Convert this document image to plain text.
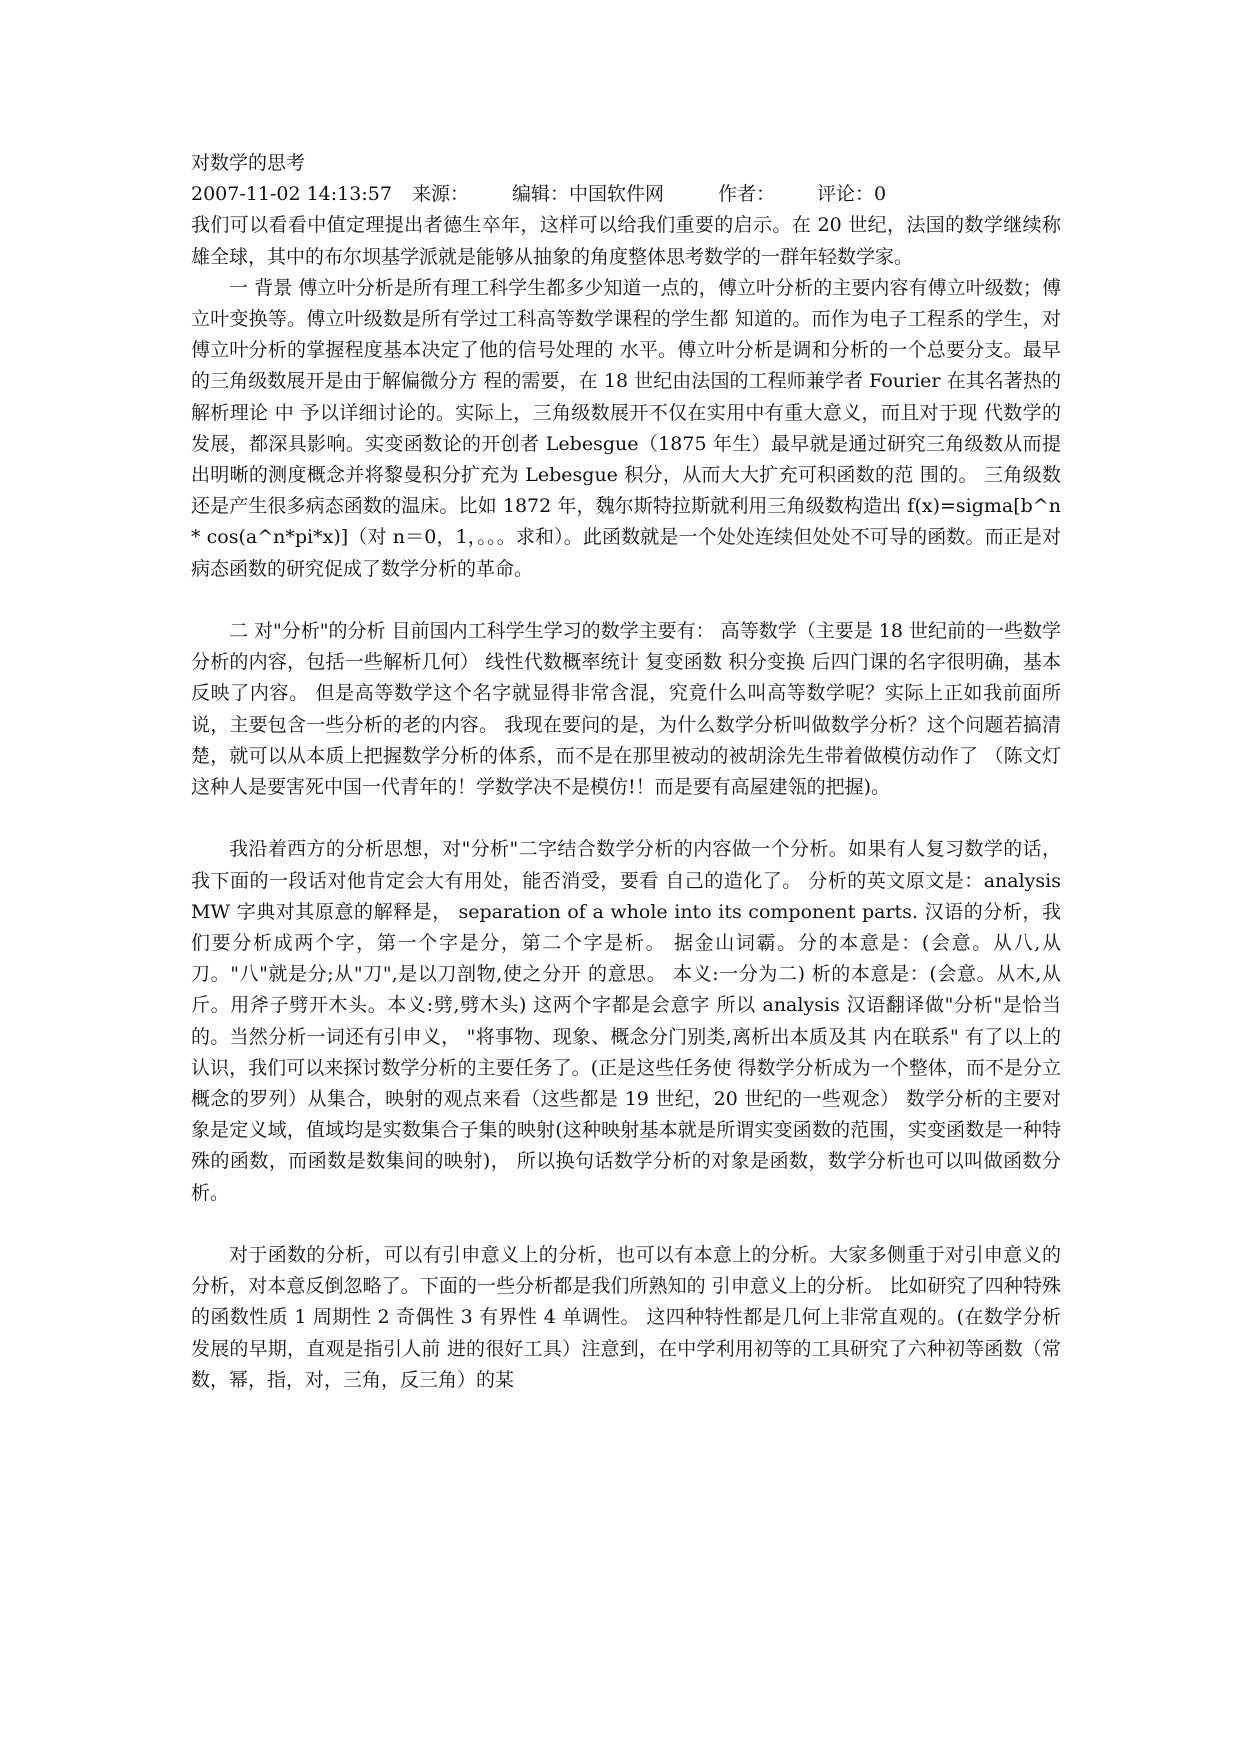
对数学的思考
2007-11-02 14:13:57	来源：	编辑：中国软件网	作者：	评论：0

我们可以看看中值定理提出者德生卒年，这样可以给我们重要的启示。在 20 世纪，法国的数学继续称雄全球，其中的布尔坝基学派就是能够从抽象的角度整体思考数学的一群年轻数学家。

一 背景 傅立叶分析是所有理工科学生都多少知道一点的，傅立叶分析的主要内容有傅立叶级数；傅立叶变换等。傅立叶级数是所有学过工科高等数学课程的学生都 知道的。而作为电子工程系的学生，对傅立叶分析的掌握程度基本决定了他的信号处理的 水平。傅立叶分析是调和分析的一个总要分支。最早的三角级数展开是由于解偏微分方 程的需要，在 18 世纪由法国的工程师兼学者 Fourier 在其名著热的解析理论 中 予以详细讨论的。实际上，三角级数展开不仅在实用中有重大意义，而且对于现 代数学的发展，都深具影响。实变函数论的开创者 Lebesgue（1875 年生）最早就是通过研究三角级数从而提出明晰的测度概念并将黎曼积分扩充为 Lebesgue 积分，从而大大扩充可积函数的范 围的。 三角级数还是产生很多病态函数的温床。比如 1872 年，魏尔斯特拉斯就利用三角级数构造出 f(x)=sigma[b^n * cos(a^n*pi*x)]（对 n＝0，1，。。。求和）。此函数就是一个处处连续但处处不可导的函数。而正是对病态函数的研究促成了数学分析的革命。

二 对"分析"的分析 目前国内工科学生学习的数学主要有： 高等数学（主要是 18 世纪前的一些数学分析的内容，包括一些解析几何） 线性代数概率统计 复变函数 积分变换 后四门课的名字很明确，基本反映了内容。 但是高等数学这个名字就显得非常含混，究竟什么叫高等数学呢？实际上正如我前面所说，主要包含一些分析的老的内容。 我现在要问的是，为什么数学分析叫做数学分析？这个问题若搞清楚，就可以从本质上把握数学分析的体系，而不是在那里被动的被胡涂先生带着做模仿动作了 （陈文灯这种人是要害死中国一代青年的！学数学决不是模仿!！而是要有高屋建瓴的把握)。

我沿着西方的分析思想，对"分析"二字结合数学分析的内容做一个分析。如果有人复习数学的话，我下面的一段话对他肯定会大有用处，能否消受，要看 自己的造化了。 分析的英文原文是：analysis MW 字典对其原意的解释是， separation of a whole into its component parts. 汉语的分析，我们要分析成两个字，第一个字是分，第二个字是析。 据金山词霸。分的本意是：(会意。从八,从刀。"八"就是分;从"刀",是以刀剖物,使之分开 的意思。 本义:一分为二) 析的本意是：(会意。从木,从斤。用斧子劈开木头。本义:劈,劈木头) 这两个字都是会意字 所以 analysis 汉语翻译做"分析"是恰当的。当然分析一词还有引申义， "将事物、现象、概念分门别类,离析出本质及其 内在联系" 有了以上的认识，我们可以来探讨数学分析的主要任务了。(正是这些任务使 得数学分析成为一个整体，而不是分立概念的罗列）从集合，映射的观点来看（这些都是 19 世纪，20 世纪的一些观念） 数学分析的主要对象是定义域，值域均是实数集合子集的映射(这种映射基本就是所谓实变函数的范围，实变函数是一种特殊的函数，而函数是数集间的映射)， 所以换句话数学分析的对象是函数，数学分析也可以叫做函数分析。

对于函数的分析，可以有引申意义上的分析，也可以有本意上的分析。大家多侧重于对引申意义的分析，对本意反倒忽略了。下面的一些分析都是我们所熟知的 引申意义上的分析。 比如研究了四种特殊的函数性质 1 周期性 2 奇偶性 3 有界性 4 单调性。 这四种特性都是几何上非常直观的。(在数学分析发展的早期，直观是指引人前 进的很好工具）注意到，在中学利用初等的工具研究了六种初等函数（常数，幂，指，对，三角，反三角）的某
